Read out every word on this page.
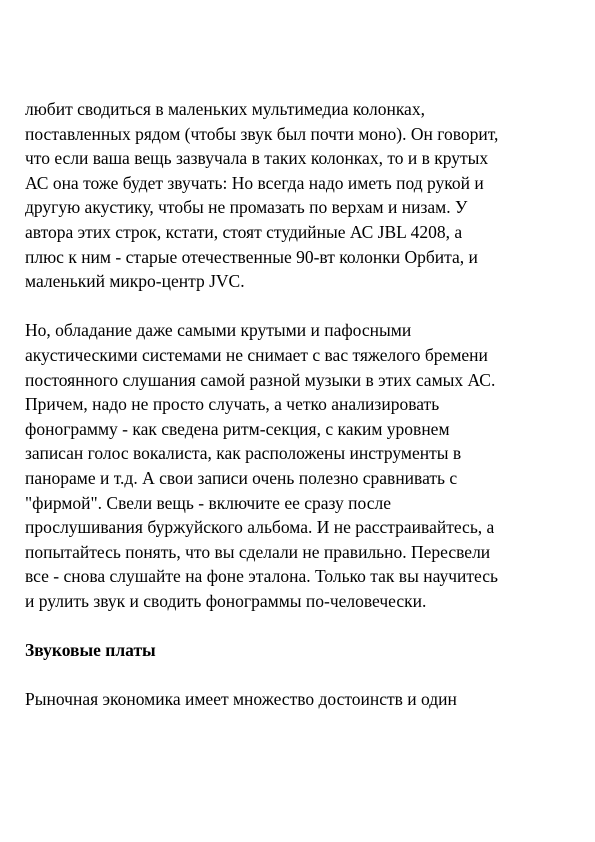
любит сводиться в маленьких мультимедиа колонках,
поставленных рядом (чтобы звук был почти моно). Он говорит,
что если ваша вещь зазвучала в таких колонках, то и в крутых
АС она тоже будет звучать: Но всегда надо иметь под рукой и
другую акустику, чтобы не промазать по верхам и низам. У
автора этих строк, кстати, стоят студийные АС JBL 4208, а
плюс к ним - старые отечественные 90-вт колонки Орбита, и
маленький микро-центр JVC.
Но, обладание даже самыми крутыми и пафосными
акустическими системами не снимает с вас тяжелого бремени
постоянного слушания самой разной музыки в этих самых АС.
Причем, надо не просто случать, а четко анализировать
фонограмму - как сведена ритм-секция, с каким уровнем
записан голос вокалиста, как расположены инструменты в
панораме и т.д. А свои записи очень полезно сравнивать с
"фирмой". Свели вещь - включите ее сразу после
прослушивания буржуйского альбома. И не расстраивайтесь, а
попытайтесь понять, что вы сделали не правильно. Пересвели
все - снова слушайте на фоне эталона. Только так вы научитесь
и рулить звук и сводить фонограммы по-человечески.
Звуковые платы
Рыночная экономика имеет множество достоинств и один
